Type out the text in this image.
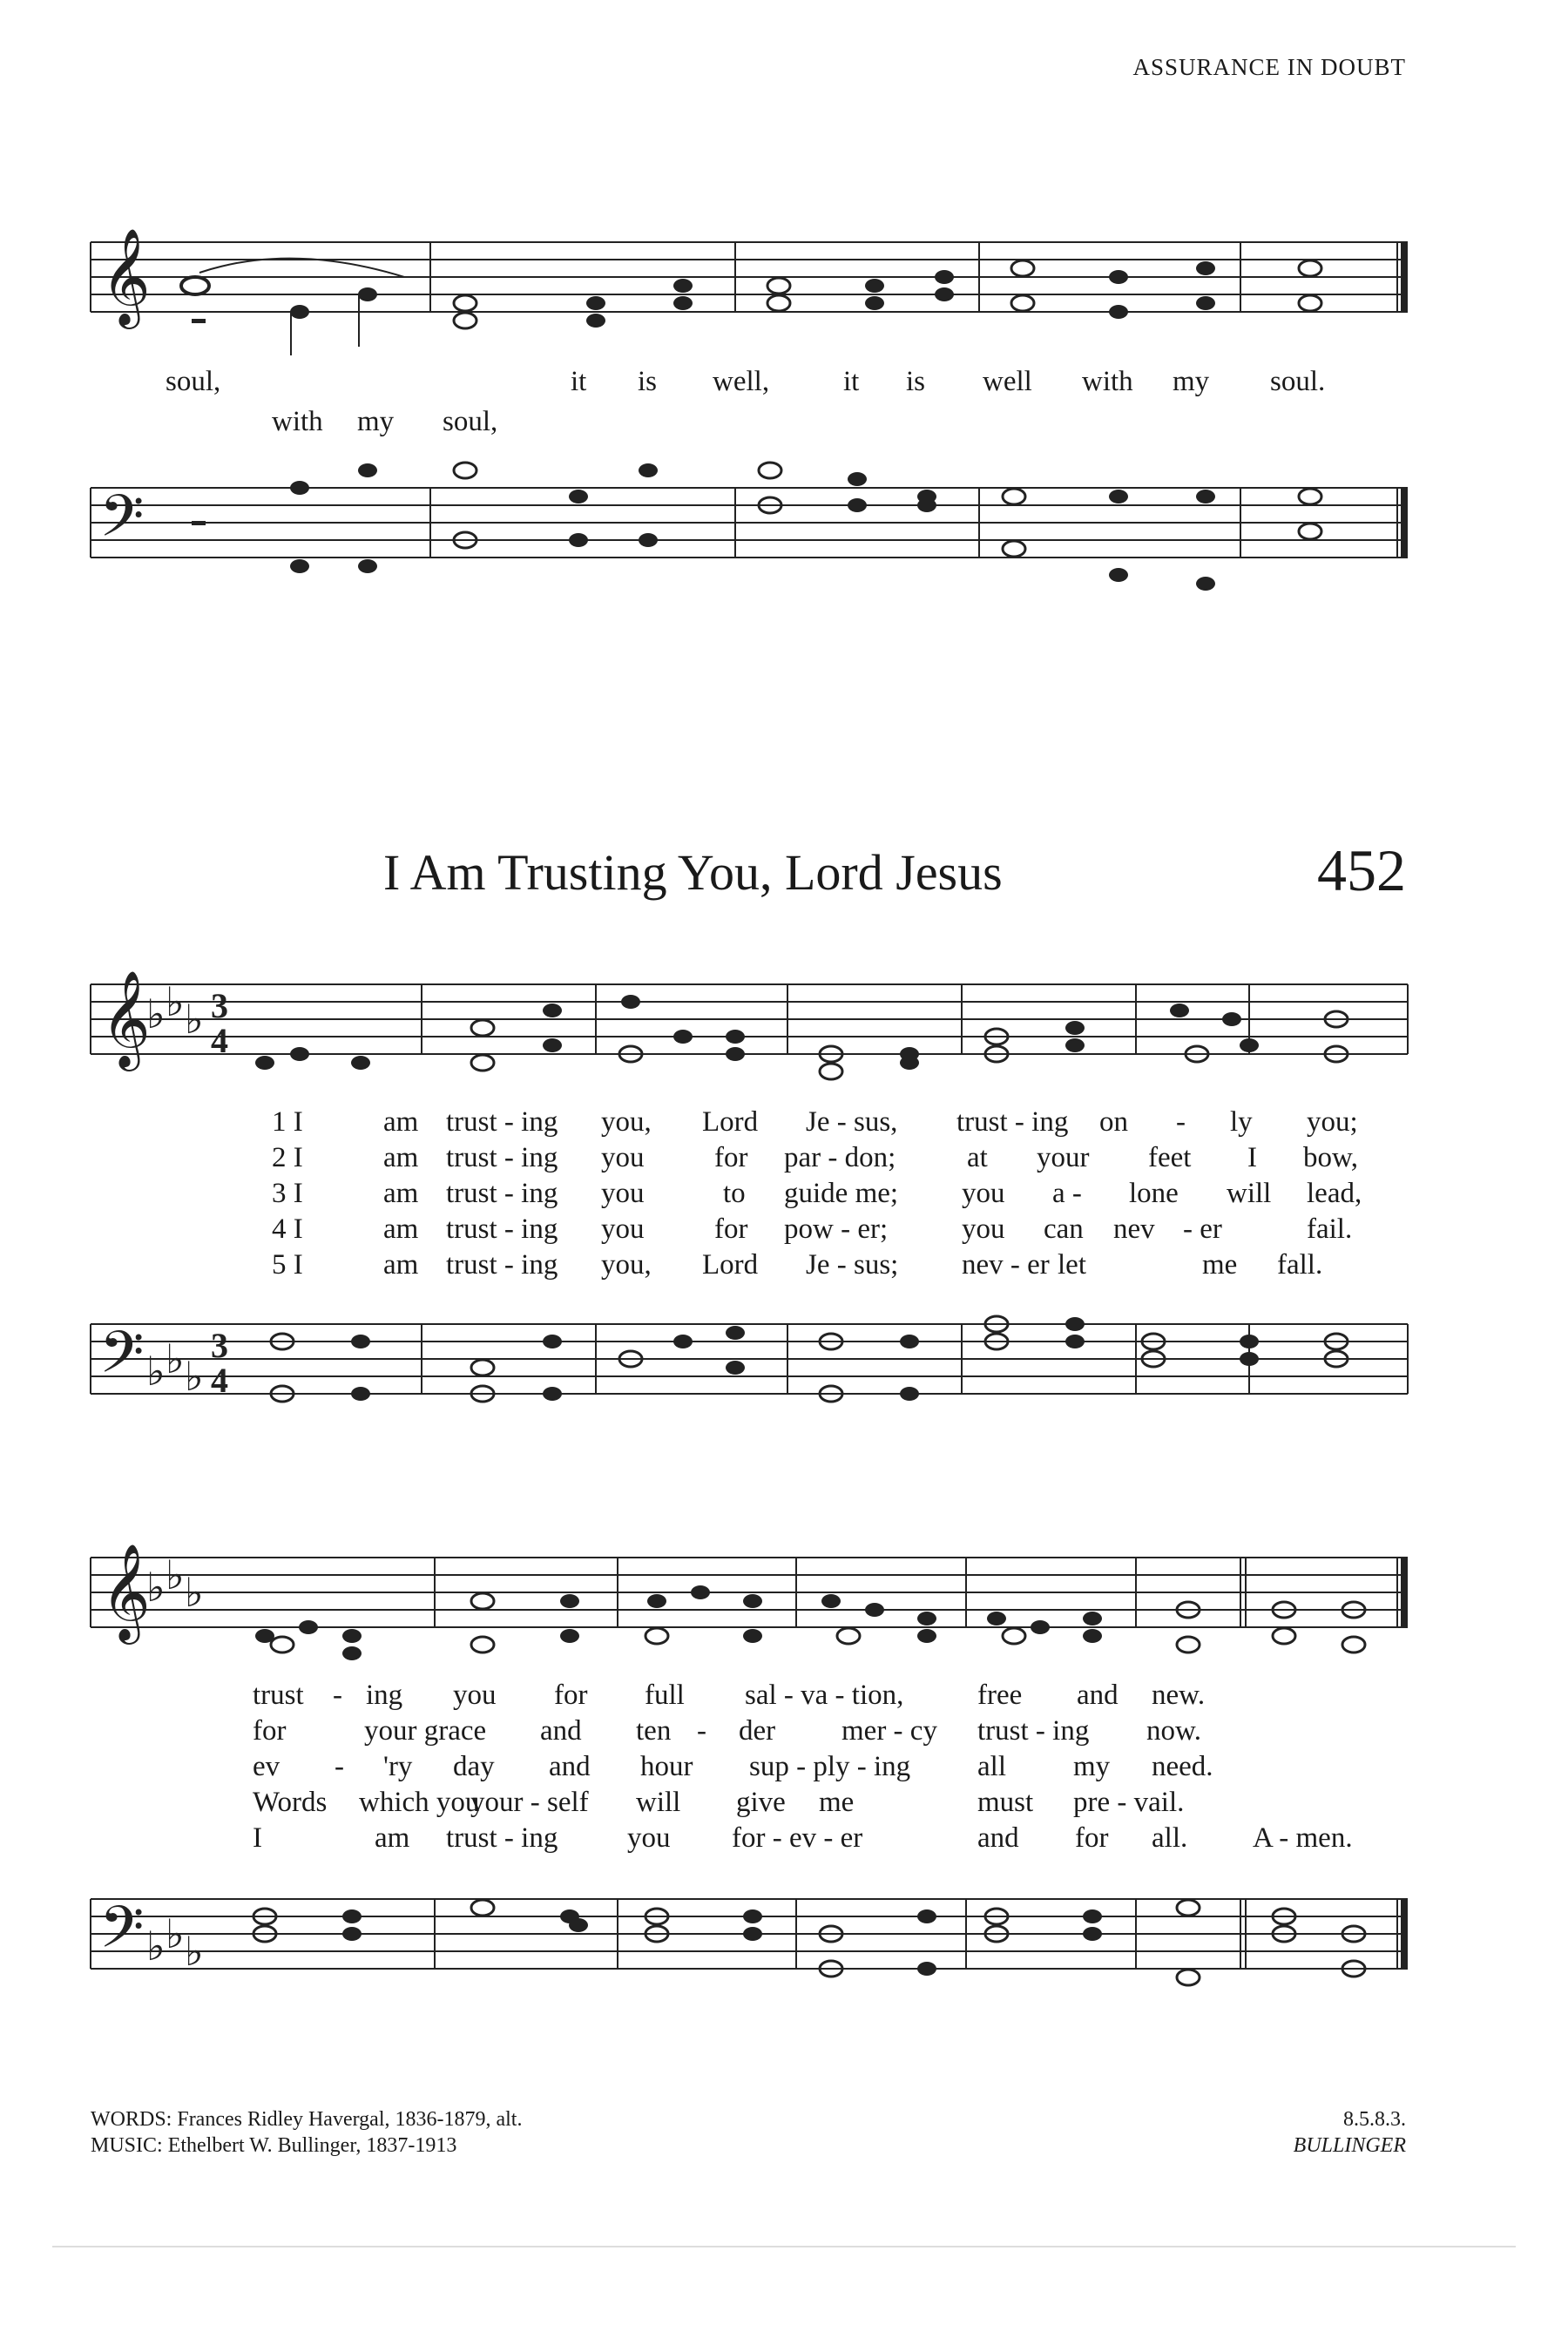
ASSURANCE IN DOUBT
𝄞
soul,	it is well,	it is well with my soul.
with my soul,
𝄢
I Am Trusting You, Lord Jesus	452
𝄞
♭ ♭ ♭ 3
4
1 I	am trust - ing you, Lord Je - sus, trust - ing on - ly you;
2 I	am trust - ing you for par - don; at your feet I bow,
3 I	am trust - ing you	to guide me; you a - lone will lead,
4 I	am trust - ing you for pow - er;	you can nev - er	fail.
5 I	am trust - ing you, Lord Je - sus; nev - er let	me fall.
𝄢 ♭ ♭ ♭
3
4
𝄞
♭ ♭ ♭
trust - ing you for full sal - va - tion,	free and new.
for	your grace and ten - der mer - cy trust - ing now.
ev - 'ry day and hour sup - ply - ing all my need.
Words which you
your - self will give me	must pre - vail.
I	am trust - ing you for - ev - er	and for all. A - men.
𝄢 ♭ ♭ ♭
WORDS: Frances Ridley Havergal, 1836-1879, alt.
MUSIC: Ethelbert W. Bullinger, 1837-1913
8.5.8.3.
BULLINGER
